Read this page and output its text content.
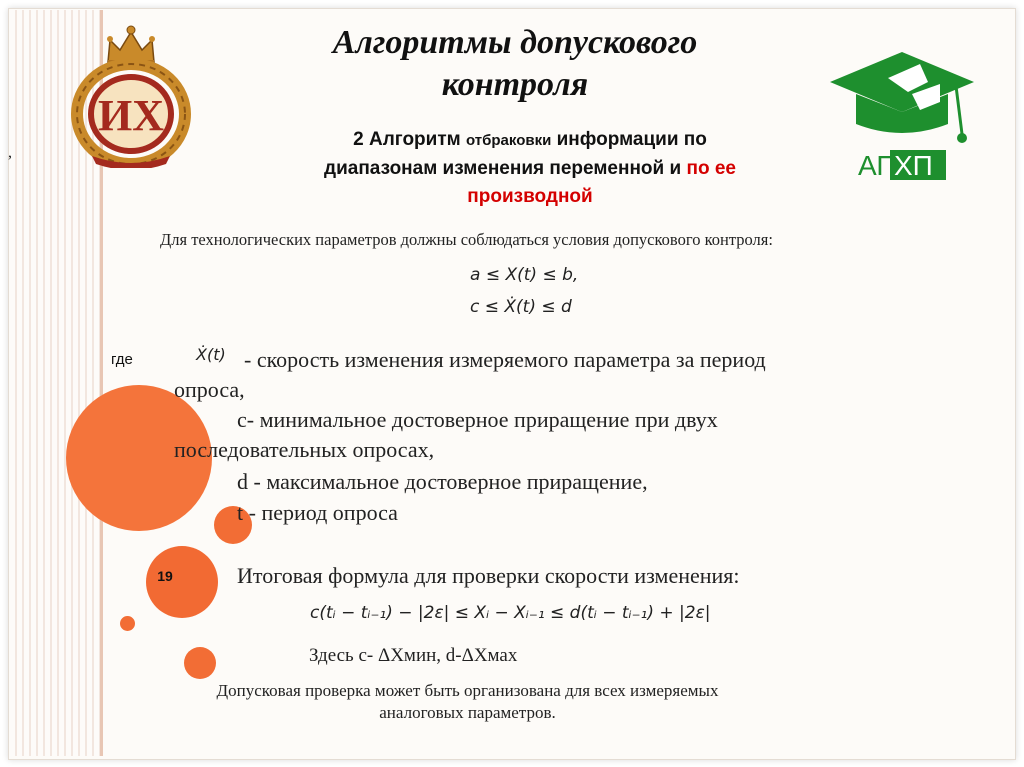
ИХ
,
Алгоритмы допускового
контроля
АП
ХП
2 Алгоритм отбраковки информации по
диапазонам изменения переменной и по ее
производной
Для технологических параметров должны соблюдаться условия допускового контроля:
a ≤ X(t) ≤ b,
c ≤ Ẋ(t) ≤ d
где	Ẋ(t) - скорость изменения измеряемого параметра за период
опроса,
с- минимальное достоверное приращение при двух
последовательных опросах,
d - максимальное достоверное приращение,
t - период опроса
19	Итоговая формула для проверки скорости изменения:
c(tᵢ − tᵢ₋₁) − |2ε| ≤ Xᵢ − Xᵢ₋₁ ≤ d(tᵢ − tᵢ₋₁) + |2ε|
Здесь с- ΔXмин, d-ΔXмах
Допусковая проверка может быть организована для всех измеряемых
аналоговых параметров.
